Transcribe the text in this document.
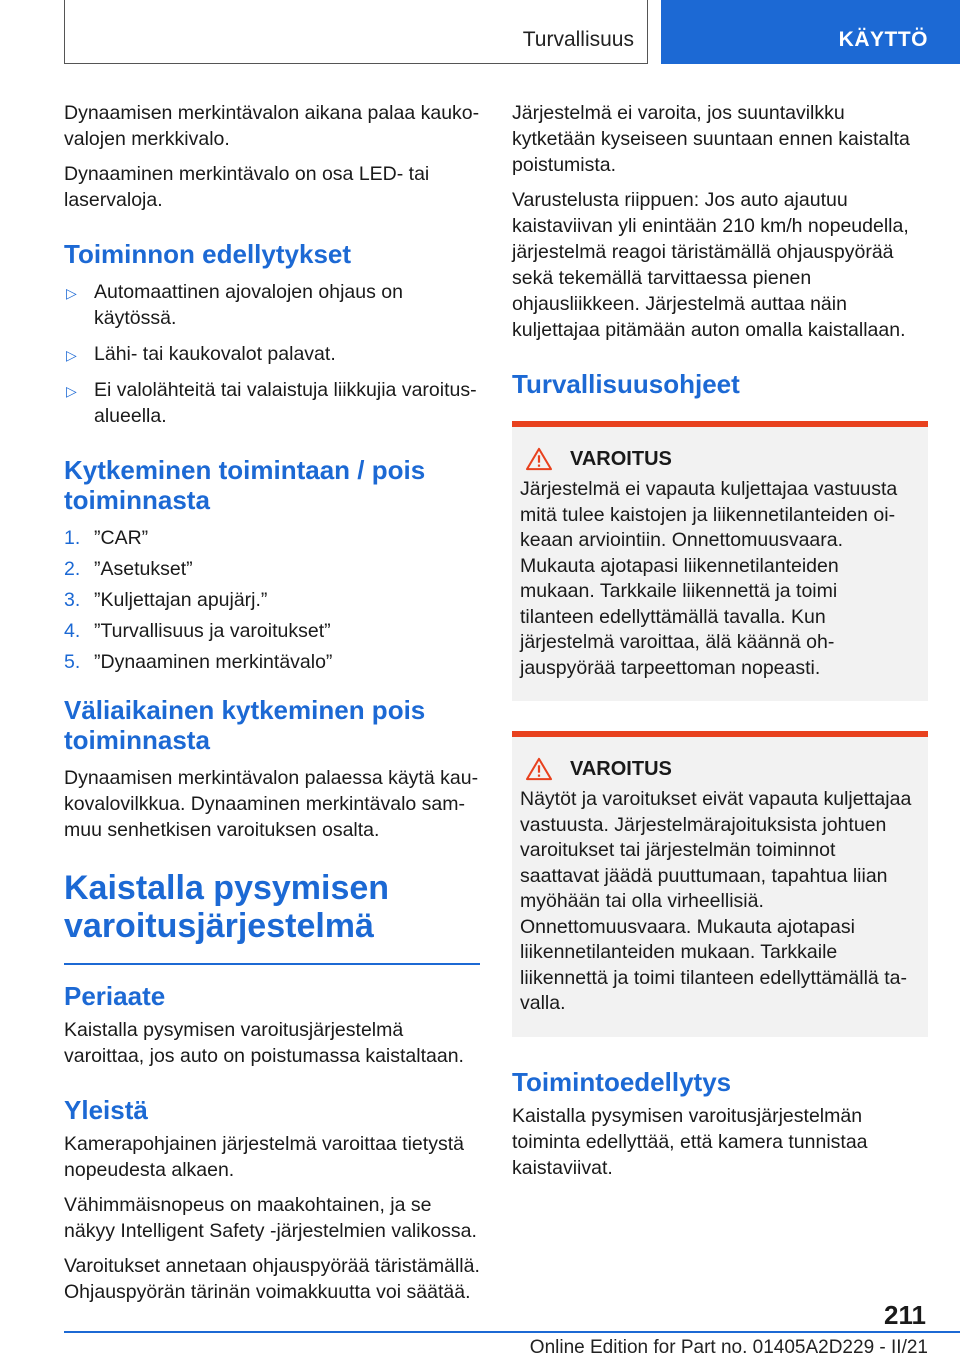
Turvallisuus	KÄYTTÖ

Dynaamisen merkintävalon aikana palaa kaukovalojen merkkivalo.

Dynaaminen merkintävalo on osa LED- tai laservaloja.

Toiminnon edellytykset
▷ Automaattinen ajovalojen ohjaus on käytössä.
▷ Lähi- tai kaukovalot palavat.
▷ Ei valolähteitä tai valaistuja liikkujia varoitusalueella.
Kytkeminen toimintaan / pois toiminnasta
1. ”CAR”
2. ”Asetukset”
3. ”Kuljettajan apujärj.”
4. ”Turvallisuus ja varoitukset”
5. ”Dynaaminen merkintävalo”
Väliaikainen kytkeminen pois toiminnasta

Dynaamisen merkintävalon palaessa käytä kaukovalovilkkua. Dynaaminen merkintävalo sammuu senhetkisen varoituksen osalta.

Kaistalla pysymisen varoitusjärjestelmä
Periaate

Kaistalla pysymisen varoitusjärjestelmä varoittaa, jos auto on poistumassa kaistaltaan.

Yleistä

Kamerapohjainen järjestelmä varoittaa tietystä nopeudesta alkaen.

Vähimmäisnopeus on maakohtainen, ja se näkyy Intelligent Safety -järjestelmien valikossa.

Varoitukset annetaan ohjauspyörää täristämällä. Ohjauspyörän tärinän voimakkuutta voi säätää.

Järjestelmä ei varoita, jos suuntavilkku kytketään kyseiseen suuntaan ennen kaistalta poistumista.

Varustelusta riippuen: Jos auto ajautuu kaistaviivan yli enintään 210 km/h nopeudella, järjestelmä reagoi täristämällä ohjauspyörää sekä tekemällä tarvittaessa pienen ohjausliikkeen. Järjestelmä auttaa näin kuljettajaa pitämään auton omalla kaistallaan.

Turvallisuusohjeet
VAROITUS

Järjestelmä ei vapauta kuljettajaa vastuusta mitä tulee kaistojen ja liikennetilanteiden oikeaan arviointiin. Onnettomuusvaara. Mukauta ajotapasi liikennetilanteiden mukaan. Tarkkaile liikennettä ja toimi tilanteen edellyttämällä tavalla. Kun järjestelmä varoittaa, älä käännä ohjauspyörää tarpeettoman nopeasti.

VAROITUS

Näytöt ja varoitukset eivät vapauta kuljettajaa vastuusta. Järjestelmärajoituksista johtuen varoitukset tai järjestelmän toiminnot saattavat jäädä puuttumaan, tapahtua liian myöhään tai olla virheellisiä. Onnettomuusvaara. Mukauta ajotapasi liikennetilanteiden mukaan. Tarkkaile liikennettä ja toimi tilanteen edellyttämällä tavalla.

Toimintoedellytys

Kaistalla pysymisen varoitusjärjestelmän toiminta edellyttää, että kamera tunnistaa kaistaviivat.

211
Online Edition for Part no. 01405A2D229 - II/21
